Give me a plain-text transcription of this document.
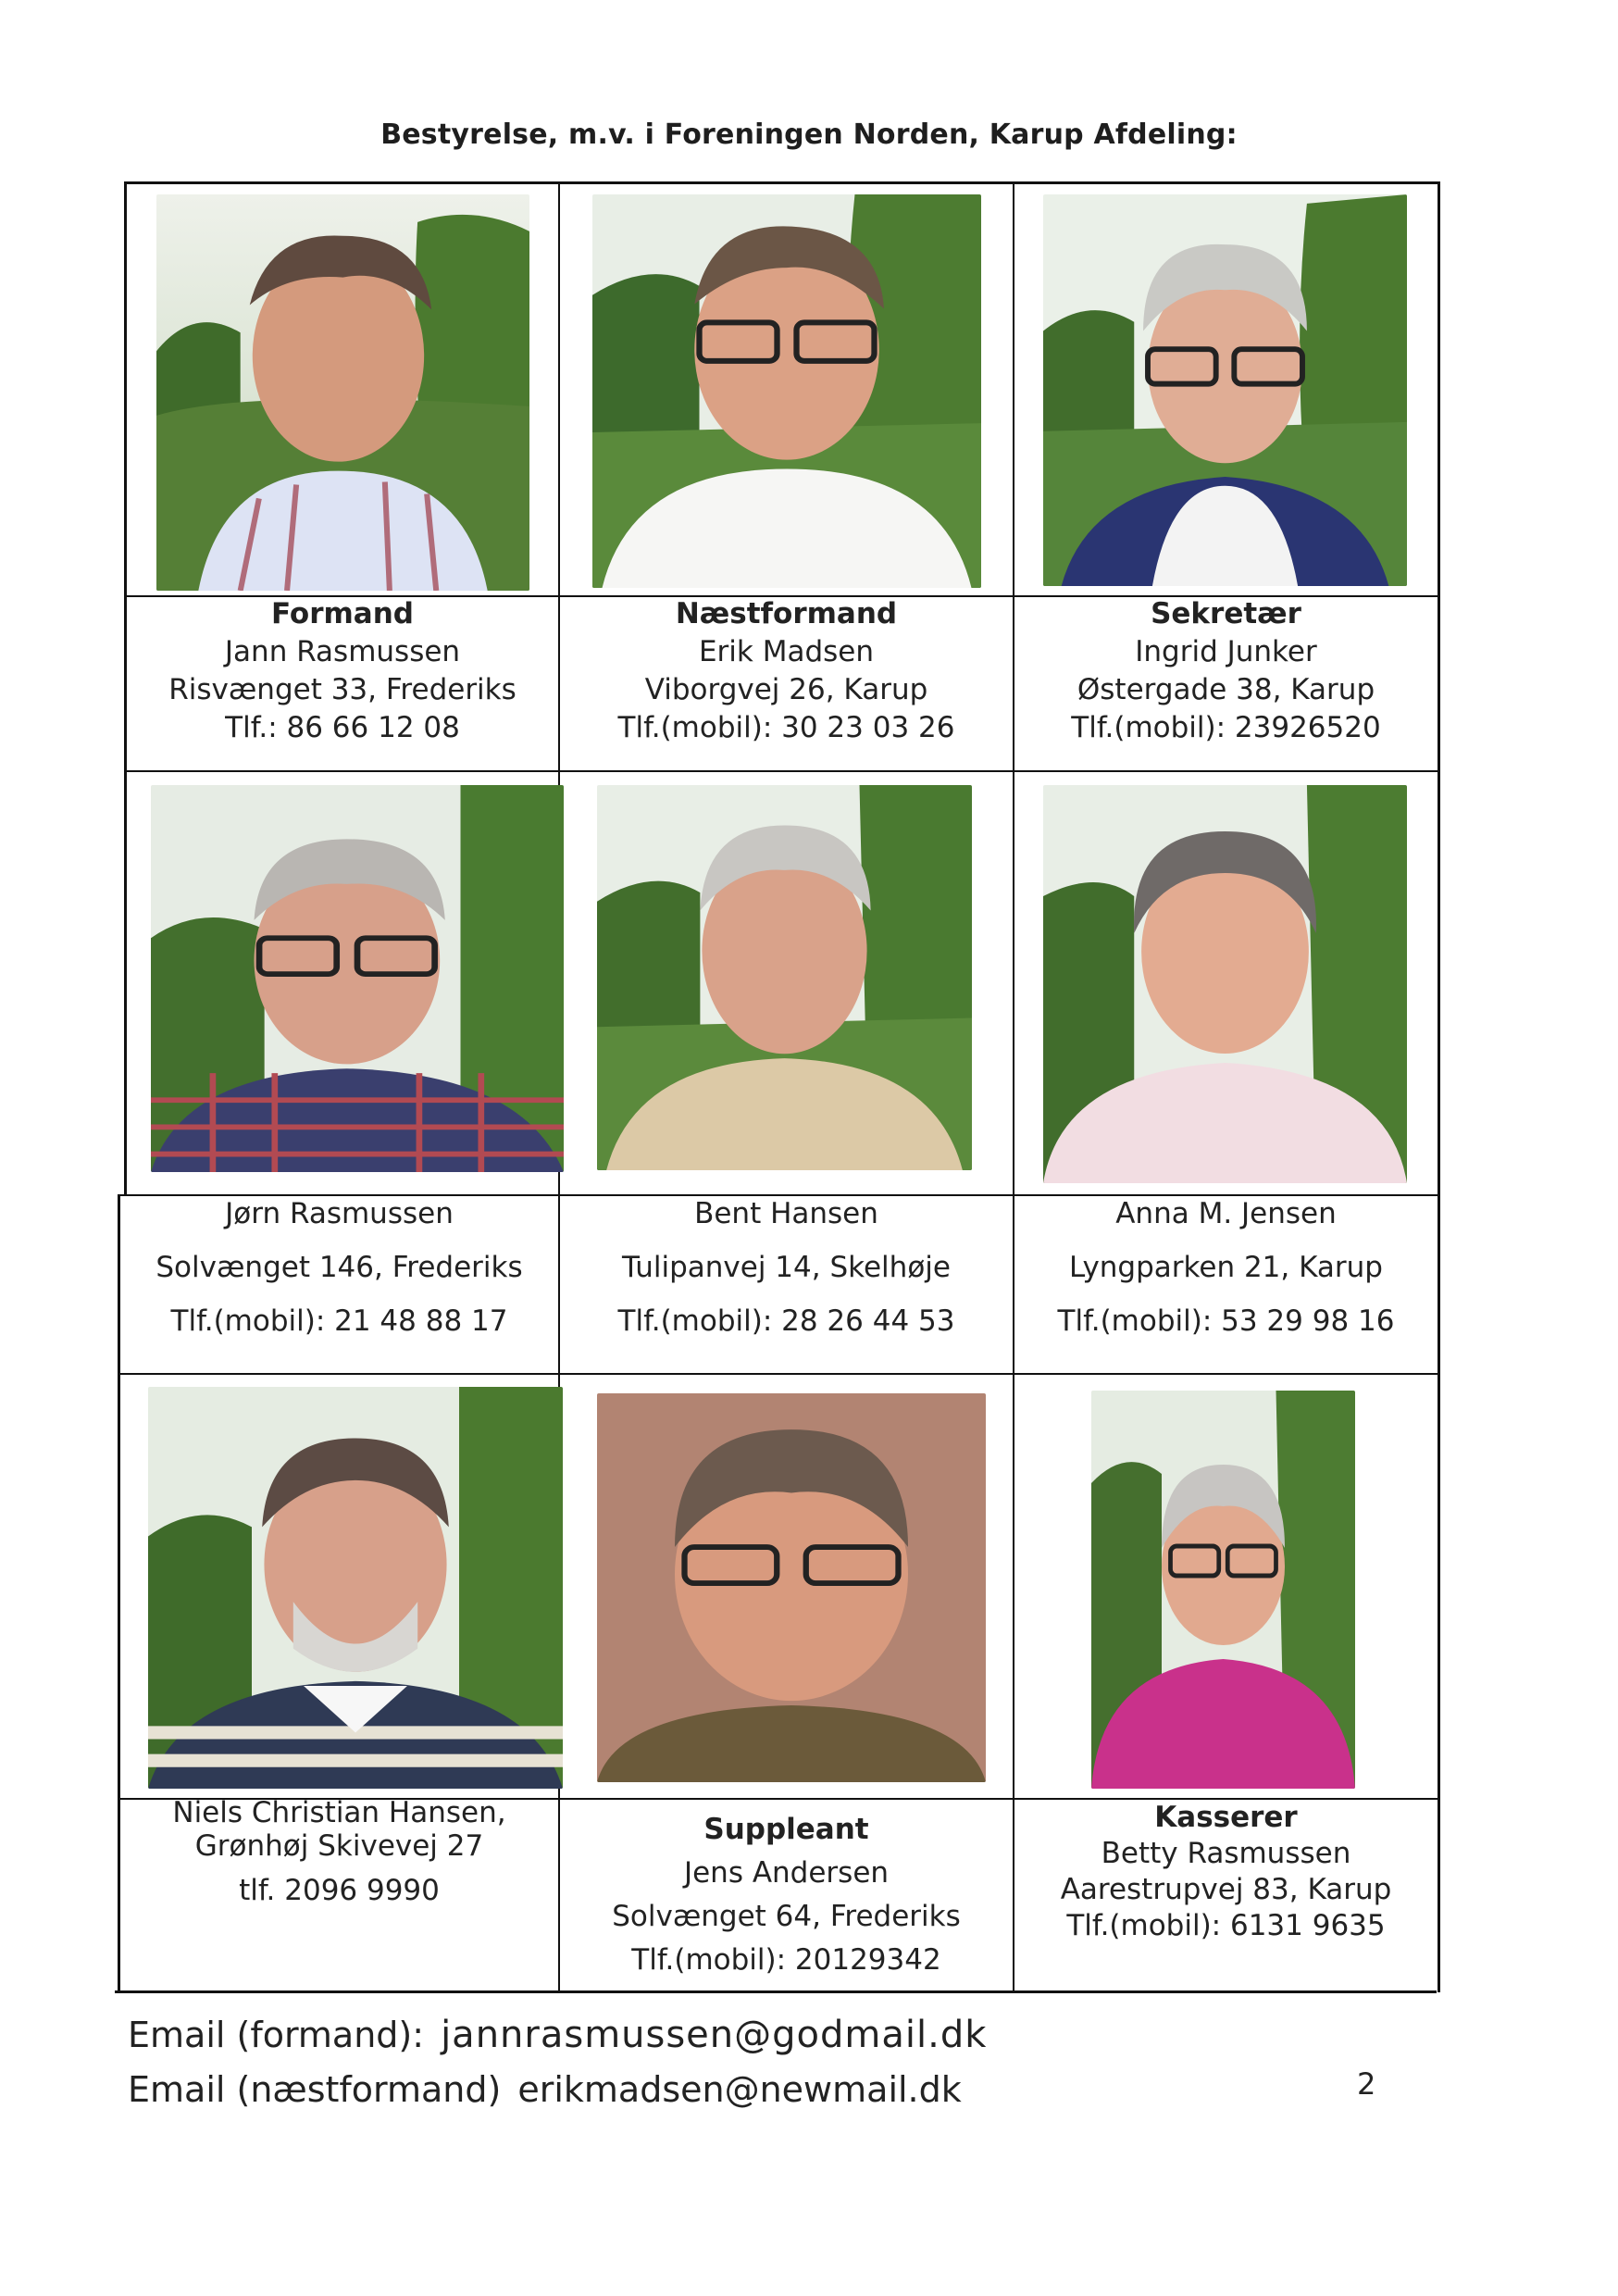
Bestyrelse, m.v. i Foreningen Norden, Karup Afdeling:
Formand
Jann Rasmussen
Risvænget 33, Frederiks
Tlf.: 86 66 12 08
Næstformand
Erik Madsen
Viborgvej 26, Karup
Tlf.(mobil): 30 23 03 26
Sekretær
Ingrid Junker
Østergade 38, Karup
Tlf.(mobil): 23926520
Jørn Rasmussen
Solvænget 146, Frederiks
Tlf.(mobil): 21 48 88 17
Bent Hansen
Tulipanvej 14, Skelhøje
Tlf.(mobil): 28 26 44 53
Anna M. Jensen
Lyngparken 21, Karup
Tlf.(mobil): 53 29 98 16
Niels Christian Hansen,
Grønhøj Skivevej 27
tlf. 2096 9990
Suppleant
Jens Andersen
Solvænget 64, Frederiks
Tlf.(mobil): 20129342
Kasserer
Betty Rasmussen
Aarestrupvej 83, Karup
Tlf.(mobil): 6131 9635
Email (formand): jannrasmussen@godmail.dk
Email (næstformand) erikmadsen@newmail.dk	2
